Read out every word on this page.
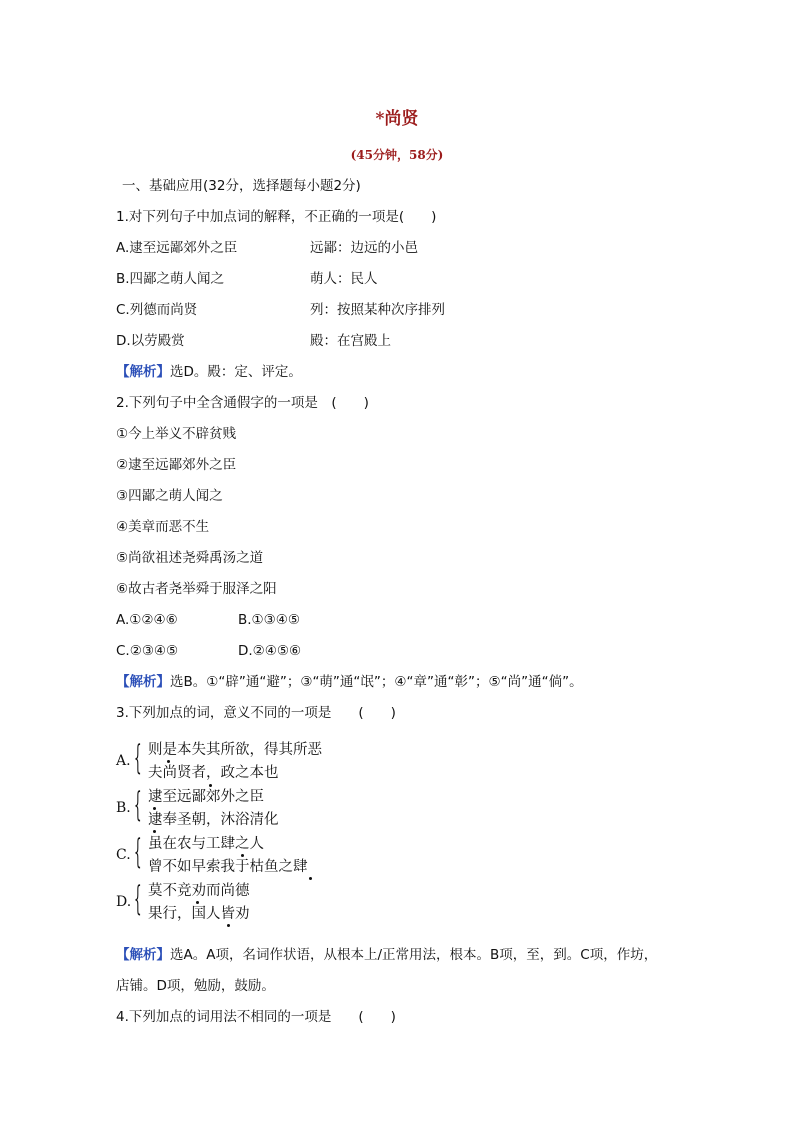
*尚贤
(45分钟，58分)
一、基础应用(32分，选择题每小题2分)
1.对下列句子中加点词的解释，不正确的一项是(　　)
A.逮至远鄙郊外之臣	远鄙：边远的小邑
B.四鄙之萌人闻之	萌人：民人
C.列德而尚贤	列：按照某种次序排列
D.以劳殿赏	殿：在宫殿上
【解析】选D。殿：定、评定。
2.下列句子中全含通假字的一项是　(　　)
①今上举义不辟贫贱
②逮至远鄙郊外之臣
③四鄙之萌人闻之
④美章而恶不生
⑤尚欲祖述尧舜禹汤之道
⑥故古者尧举舜于服泽之阳
A.①②④⑥	B.①③④⑤
C.②③④⑤	D.②④⑤⑥
【解析】选B。①“辟”通“避”；③“萌”通“氓”；④“章”通“彰”；⑤“尚”通“倘”。
3.下列加点的词，意义不同的一项是　　(　　)
A. { 则是本失其所欲，得其所恶
夫尚贤者，政之本也
B. { 逮至远鄙郊外之臣
逮奉圣朝，沐浴清化
C. { 虽在农与工肆之人
曾不如早索我于枯鱼之肆
D. { 莫不竞劝而尚德
果行，国人皆劝
【解析】选A。A项，名词作状语，从根本上/正常用法，根本。B项，至，到。C项，作坊，
店铺。D项，勉励，鼓励。
4.下列加点的词用法不相同的一项是　　(　　)
